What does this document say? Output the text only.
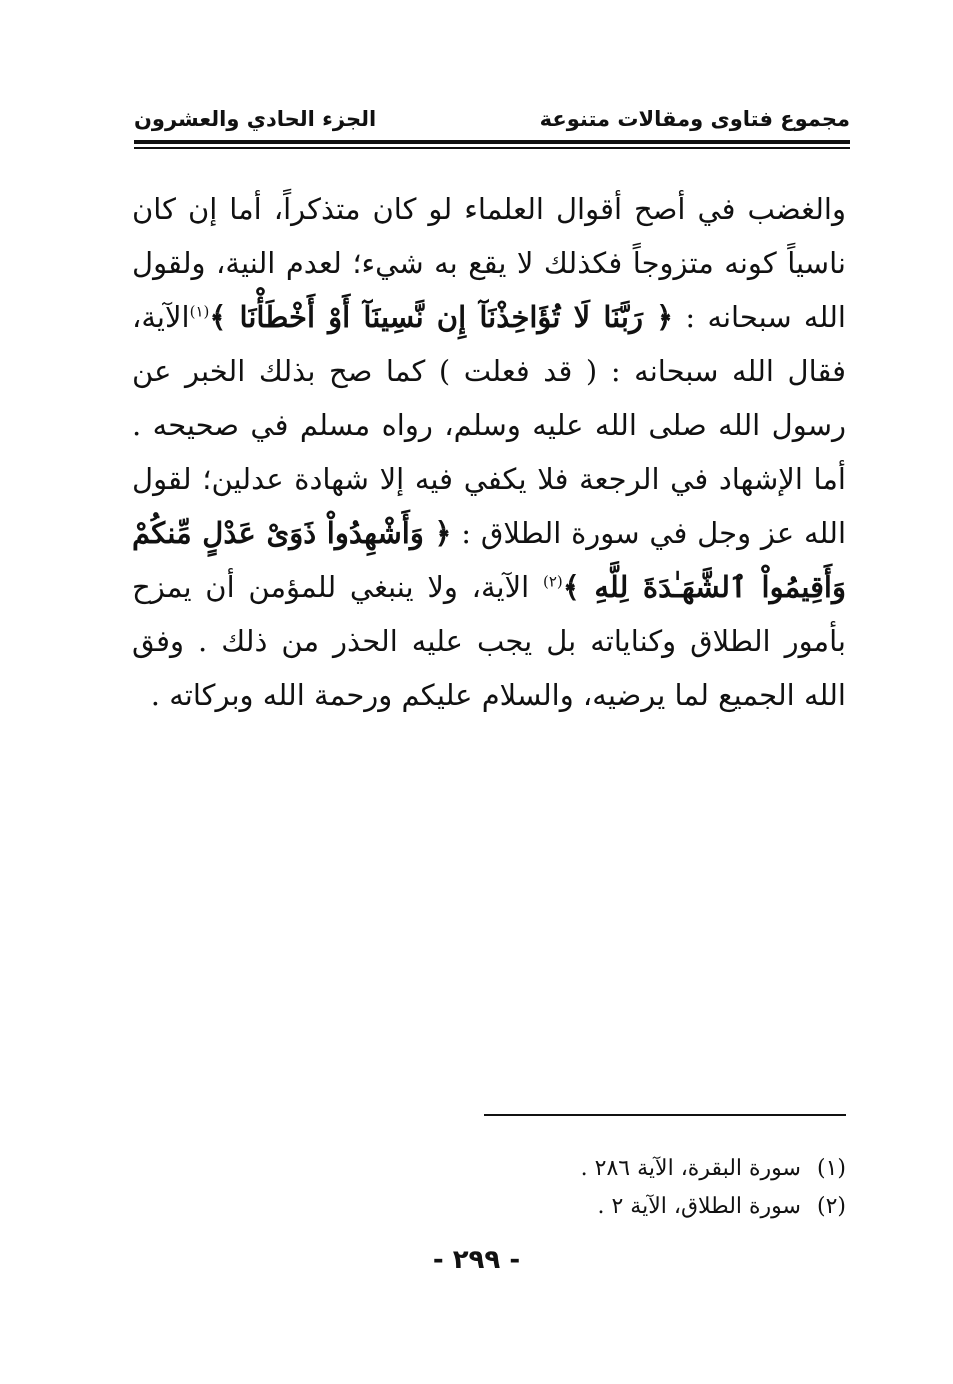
مجموع فتاوى ومقالات متنوعة
الجزء الحادي والعشرون

والغضب في أصح أقوال العلماء لو كان متذكراً، أما إن كان ناسياً كونه متزوجاً فكذلك لا يقع به شيء؛ لعدم النية، ولقول الله سبحانه : ﴿ رَبَّنَا لَا تُؤَاخِذْنَآ إِن نَّسِينَآ أَوْ أَخْطَأْنَا ﴾$^{(١)}$الآية، فقال الله سبحانه : ( قد فعلت ) كما صح بذلك الخبر عن رسول الله صلى الله عليه وسلم، رواه مسلم في صحيحه . أما الإشهاد في الرجعة فلا يكفي فيه إلا شهادة عدلين؛ لقول الله عز وجل في سورة الطلاق : ﴿ وَأَشْهِدُواْ ذَوَىْ عَدْلٍ مِّنكُمْ وَأَقِيمُواْ ٱلشَّهَـٰدَةَ لِلَّهِ ﴾$^{(٢)}$ الآية، ولا ينبغي للمؤمن أن يمزح بأمور الطلاق وكناياته بل يجب عليه الحذر من ذلك . وفق الله الجميع لما يرضيه، والسلام عليكم ورحمة الله وبركاته .

(١)سورة البقرة، الآية ٢٨٦ .
(٢)سورة الطلاق، الآية ٢ .
- ٢٩٩ -
